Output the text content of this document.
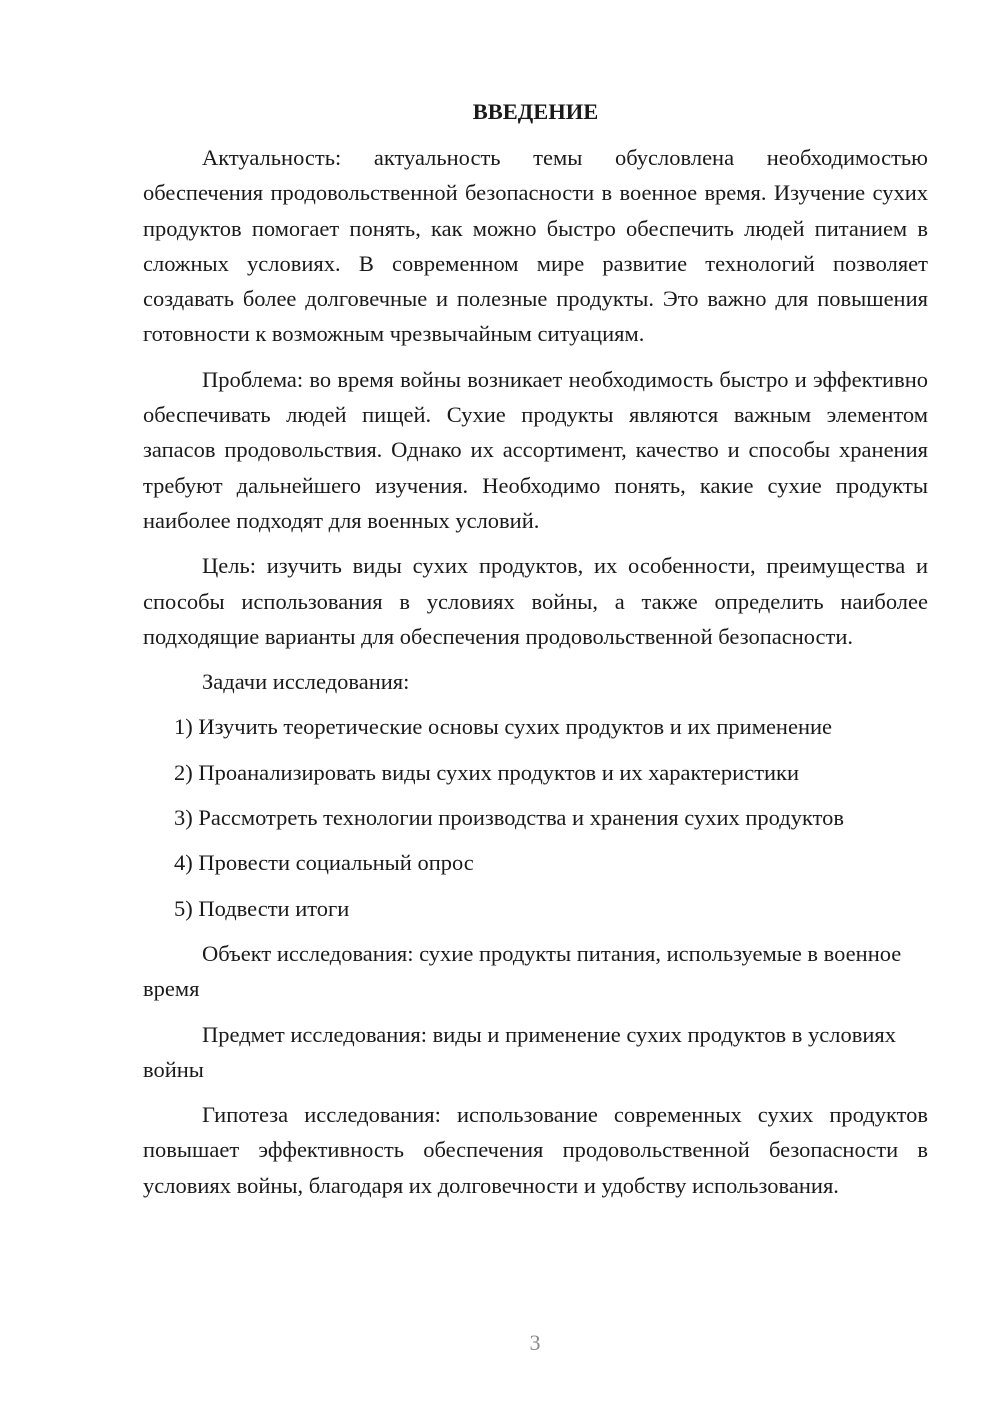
ВВЕДЕНИЕ

Актуальность: актуальность темы обусловлена необходимостью обеспечения продовольственной безопасности в военное время. Изучение сухих продуктов помогает понять, как можно быстро обеспечить людей питанием в сложных условиях. В современном мире развитие технологий позволяет создавать более долговечные и полезные продукты. Это важно для повышения готовности к возможным чрезвычайным ситуациям.

Проблема: во время войны возникает необходимость быстро и эффективно обеспечивать людей пищей. Сухие продукты являются важным элементом запасов продовольствия. Однако их ассортимент, качество и способы хранения требуют дальнейшего изучения. Необходимо понять, какие сухие продукты наиболее подходят для военных условий.

Цель: изучить виды сухих продуктов, их особенности, преимущества и способы использования в условиях войны, а также определить наиболее подходящие варианты для обеспечения продовольственной безопасности.

Задачи исследования:

1) Изучить теоретические основы сухих продуктов и их применение
2) Проанализировать виды сухих продуктов и их характеристики
3) Рассмотреть технологии производства и хранения сухих продуктов
4) Провести социальный опрос
5) Подвести итоги

Объект исследования: сухие продукты питания, используемые в военное время

Предмет исследования: виды и применение сухих продуктов в условиях войны

Гипотеза исследования: использование современных сухих продуктов повышает эффективность обеспечения продовольственной безопасности в условиях войны, благодаря их долговечности и удобству использования.

3
